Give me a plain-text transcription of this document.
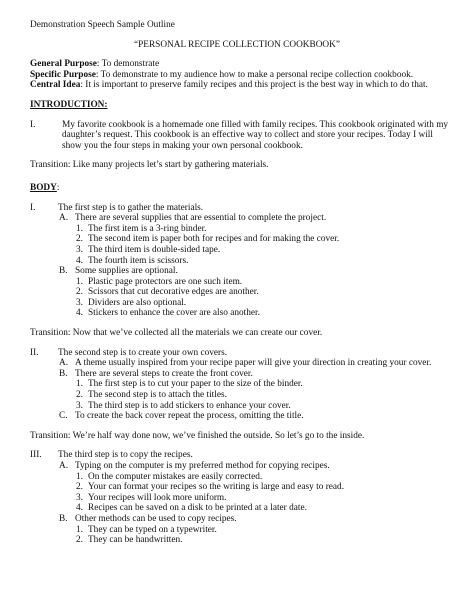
Demonstration Speech Sample Outline
“PERSONAL RECIPE COLLECTION COOKBOOK”
General Purpose: To demonstrate
Specific Purpose: To demonstrate to my audience how to make a personal recipe collection cookbook.
Central Idea: It is important to preserve family recipes and this project is the best way in which to do that.
INTRODUCTION:
I.	My favorite cookbook is a homemade one filled with family recipes. This cookbook originated with my
daughter’s request. This cookbook is an effective way to collect and store your recipes. Today I will
show you the four steps in making your own personal cookbook.
Transition: Like many projects let’s start by gathering materials.
BODY:
I.	The first step is to gather the materials.
A. There are several supplies that are essential to complete the project.
1. The first item is a 3-ring binder.
2. The second item is paper both for recipes and for making the cover.
3. The third item is double-sided tape.
4. The fourth item is scissors.
B. Some supplies are optional.
1. Plastic page protectors are one such item.
2. Scissors that cut decorative edges are another.
3. Dividers are also optional.
4. Stickers to enhance the cover are also another.
Transition: Now that we’ve collected all the materials we can create our cover.
II.	The second step is to create your own covers.
A. A theme usually inspired from your recipe paper will give your direction in creating your cover.
B. There are several steps to create the front cover.
1. The first step is to cut your paper to the size of the binder.
2. The second step is to attach the titles.
3. The third step is to add stickers to enhance your cover.
C. To create the back cover repeat the process, omitting the title.
Transition: We’re half way done now, we’ve finished the outside. So let’s go to the inside.
III.	The third step is to copy the recipes.
A. Typing on the computer is my preferred method for copying recipes.
1. On the computer mistakes are easily corrected.
2. Your can format your recipes so the writing is large and easy to read.
3. Your recipes will look more uniform.
4. Recipes can be saved on a disk to be printed at a later date.
B. Other methods can be used to copy recipes.
1. They can be typed on a typewriter.
2. They can be handwritten.
